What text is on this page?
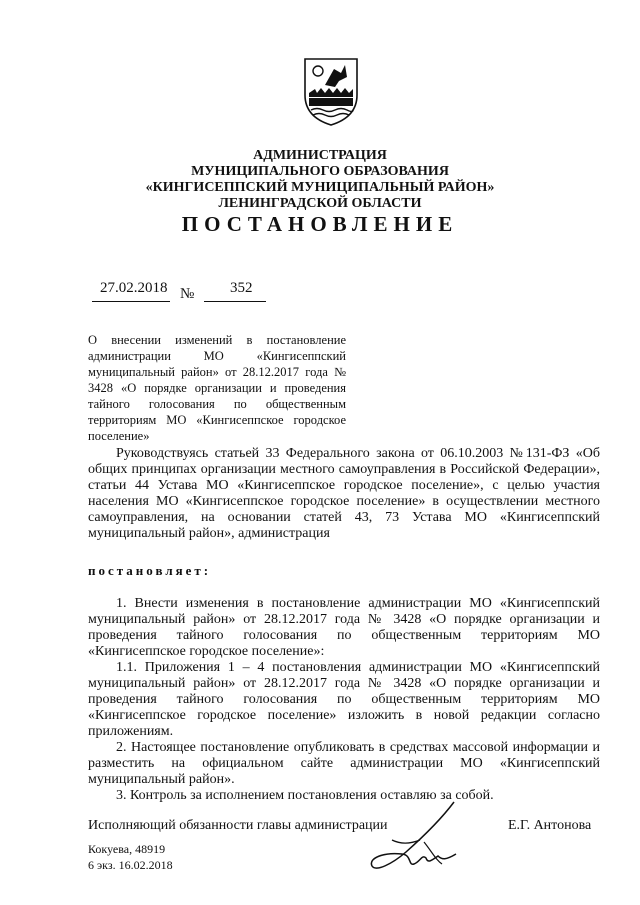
АДМИНИСТРАЦИЯ
МУНИЦИПАЛЬНОГО ОБРАЗОВАНИЯ
«КИНГИСЕППСКИЙ МУНИЦИПАЛЬНЫЙ РАЙОН»
ЛЕНИНГРАДСКОЙ ОБЛАСТИ
ПОСТАНОВЛЕНИЕ
27.02.2018 № 352
О внесении изменений в постановление администрации МО «Кингисеппский муниципальный район» от 28.12.2017 года № 3428 «О порядке организации и проведения тайного голосования по общественным территориям МО «Кингисеппское городское поселение»

Руководствуясь статьей 33 Федерального закона от 06.10.2003 №131-ФЗ «Об общих принципах организации местного самоуправления в Российской Федерации», статьи 44 Устава МО «Кингисеппское городское поселение», с целью участия населения МО «Кингисеппское городское поселение» в осуществлении местного самоуправления, на основании статей 43, 73 Устава МО «Кингисеппский муниципальный район», администрация

постановляет:

1. Внести изменения в постановление администрации МО «Кингисеппский муниципальный район» от 28.12.2017 года № 3428 «О порядке организации и проведения тайного голосования по общественным территориям МО «Кингисеппское городское поселение»:

1.1. Приложения 1 – 4 постановления администрации МО «Кингисеппский муниципальный район» от 28.12.2017 года № 3428 «О порядке организации и проведения тайного голосования по общественным территориям МО «Кингисеппское городское поселение» изложить в новой редакции согласно приложениям.

2. Настоящее постановление опубликовать в средствах массовой информации и разместить на официальном сайте администрации МО «Кингисеппский муниципальный район».

3. Контроль за исполнением постановления оставляю за собой.

Исполняющий обязанности главы администрации	Е.Г. Антонова
Кокуева, 48919
6 экз. 16.02.2018
